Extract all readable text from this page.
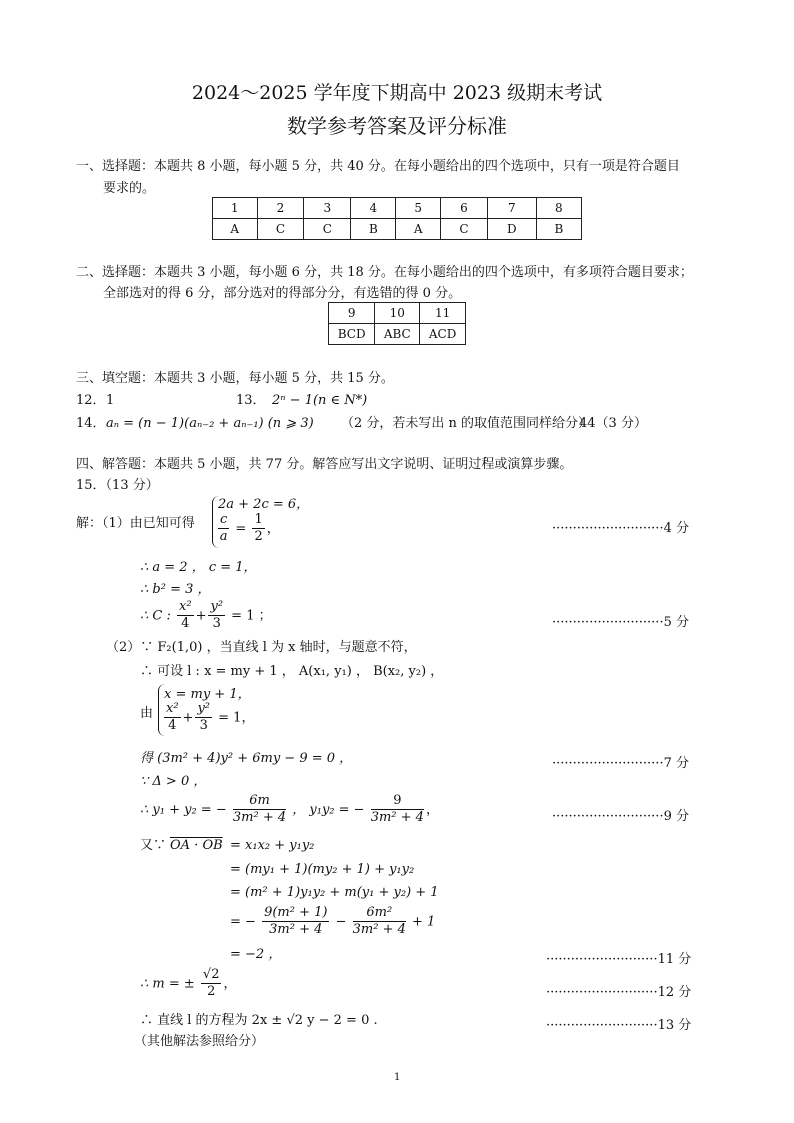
2024～2025 学年度下期高中 2023 级期末考试
数学参考答案及评分标准
一、选择题：本题共 8 小题，每小题 5 分，共 40 分。在每小题给出的四个选项中，只有一项是符合题目
要求的。
1	2	3	4	5	6	7	8
A	C	C	B	A	C	D	B
二、选择题：本题共 3 小题，每小题 6 分，共 18 分。在每小题给出的四个选项中，有多项符合题目要求；
全部选对的得 6 分，部分选对的得部分分，有选错的得 0 分。
9	10	11
BCD	ABC	ACD
三、填空题：本题共 3 小题，每小题 5 分，共 15 分。
12． 1	13． 2ⁿ − 1(n ∈ N*)
14． aₙ = (n − 1)(aₙ₋₂ + aₙ₋₁) (n ⩾ 3) （2 分，若未写出 n 的取值范围同样给分）
44（3 分）
四、解答题：本题共 5 小题，共 77 分。解答应写出文字说明、证明过程或演算步骤。
15．（13 分）
解：（1）由已知可得
2a + 2c = 6，
$\frac{c}{a} = \frac{1}{2}$ ，	···························4 分
∴ a = 2 ， c = 1，
∴ b² = 3 ，
∴ C : $\frac{\text{x²}}{4} + \frac{\text{y²}}{3} = 1$ ；	···························5 分
（2）∵ F₂(1,0) ，当直线 l 为 x 轴时，与题意不符，
∴ 可设 l : x = my + 1 ， A(x₁, y₁) ， B(x₂, y₂) ，
由
x = my + 1，
$\frac{\text{x²}}{4} + \frac{\text{y²}}{3} = 1$，
得 (3m² + 4)y² + 6my − 9 = 0 ，	···························7 分
∵ Δ > 0 ，
∴ y₁ + y₂ = − $\frac{6m}{\text{3m² + 4}}$ ， y₁y₂ = − $\frac{9}{\text{3m² + 4}}$ ，	···························9 分
又∵ OA · OB = x₁x₂ + y₁y₂
= (my₁ + 1)(my₂ + 1) + y₁y₂
= (m² + 1)y₁y₂ + m(y₁ + y₂) + 1
= − $\frac{\text{9(m² + 1)}}{\text{3m² + 4}} - \frac{\text{6m²}}{\text{3m² + 4}} + 1$
= −2 ，	···························11 分
∴ m = ± $\frac{√2}{2}$ ，
···························12 分
∴ 直线 l 的方程为 2x ± √2 y − 2 = 0 .	···························13 分
（其他解法参照给分）
1
